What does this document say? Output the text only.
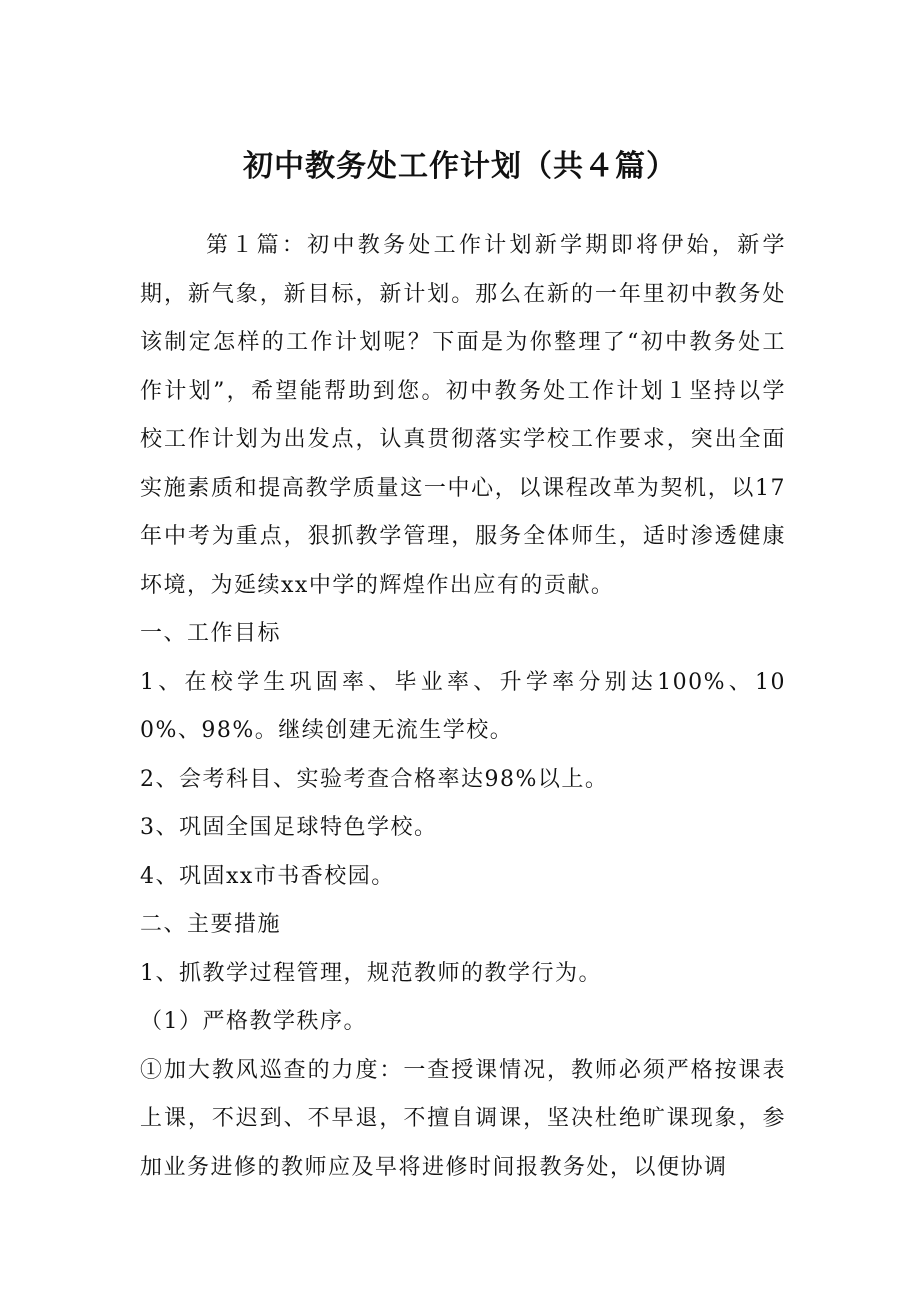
初中教务处工作计划（共４篇）

第１篇：初中教务处工作计划新学期即将伊始，新学期，新气象，新目标，新计划。那么在新的一年里初中教务处该制定怎样的工作计划呢？下面是为你整理了“初中教务处工作计划”，希望能帮助到您。初中教务处工作计划１坚持以学校工作计划为出发点，认真贯彻落实学校工作要求，突出全面实施素质和提高教学质量这一中心，以课程改革为契机，以17年中考为重点，狠抓教学管理，服务全体师生，适时渗透健康坏境，为延续xx中学的辉煌作出应有的贡献。

一、工作目标

1、在校学生巩固率、毕业率、升学率分别达100%、100%、98%。继续创建无流生学校。

2、会考科目、实验考查合格率达98%以上。

3、巩固全国足球特色学校。

4、巩固xx市书香校园。

二、主要措施

1、抓教学过程管理，规范教师的教学行为。

（1）严格教学秩序。

①加大教风巡查的力度：一查授课情况，教师必须严格按课表上课，不迟到、不早退，不擅自调课，坚决杜绝旷课现象，参加业务进修的教师应及早将进修时间报教务处，以便协调
